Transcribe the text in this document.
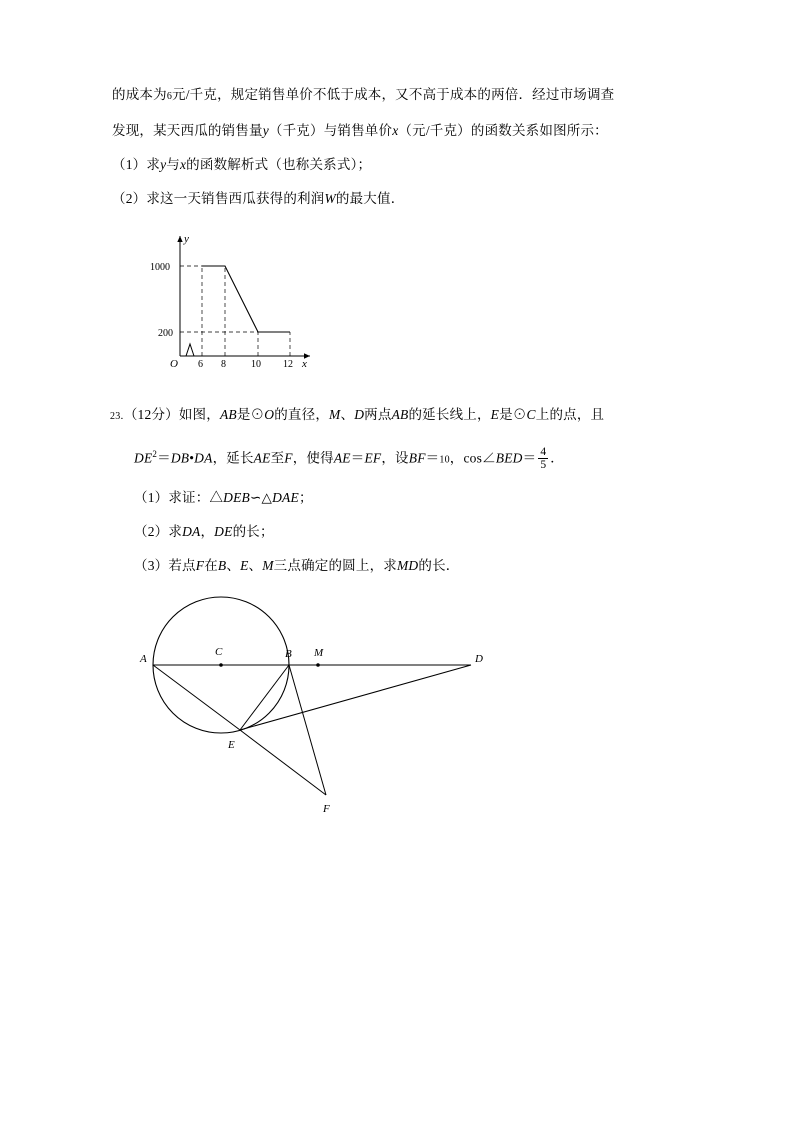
的成本为6元/千克，规定销售单价不低于成本，又不高于成本的两倍．经过市场调查
发现，某天西瓜的销售量y（千克）与销售单价x（元/千克）的函数关系如图所示：
（1）求y与x的函数解析式（也称关系式）；
（2）求这一天销售西瓜获得的利润W的最大值．
y
x
O
1000
200
6 8	10 12
23．（12分）如图，AB是⊙O的直径，M、D两点AB的延长线上，E是⊙C上的点，且
$DE^2=DB•DA$，延长AE至F，使得AE＝EF，设BF＝10，cos∠BED＝ $\frac{4}{5}$ ．
（1）求证：△DEB∽△DAE；
（2）求DA，DE的长；
（3）若点F在B、E、M三点确定的圆上，求MD的长．
A	B
C
D
E
F
M
